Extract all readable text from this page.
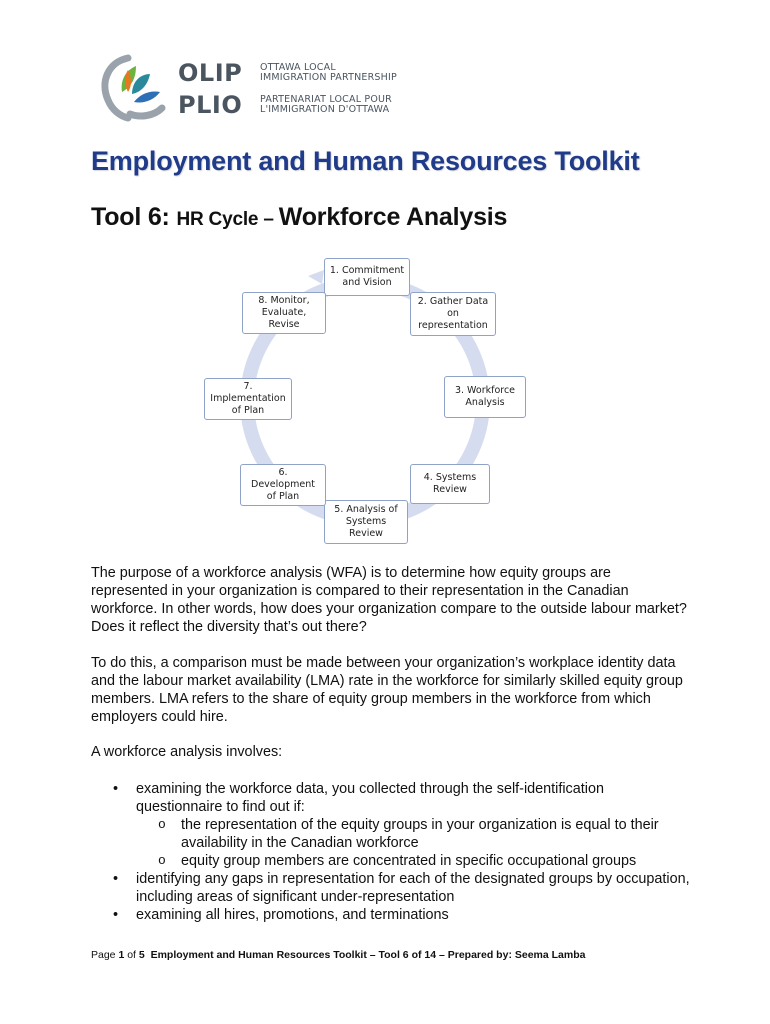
OLIP	OTTAWA LOCAL
IMMIGRATION PARTNERSHIP
PLIO	PARTENARIAT LOCAL POUR
L'IMMIGRATION D'OTTAWA
Employment and Human Resources Toolkit
Tool 6: HR Cycle – Workforce Analysis
1. Commitment
and Vision
2. Gather Data
on
representation
3. Workforce
Analysis
4. Systems
Review
5. Analysis of
Systems
Review
6.
Development
of Plan
7.
Implementation
of Plan
8. Monitor,
Evaluate,
Revise

The purpose of a workforce analysis (WFA) is to determine how equity groups are represented in your organization is compared to their representation in the Canadian workforce. In other words, how does your organization compare to the outside labour market? Does it reflect the diversity that’s out there?

To do this, a comparison must be made between your organization’s workplace identity data and the labour market availability (LMA) rate in the workforce for similarly skilled equity group members. LMA refers to the share of equity group members in the workforce from which employers could hire.

A workforce analysis involves:

• examining the workforce data, you collected through the self-identification questionnaire to find out if:
o the representation of the equity groups in your organization is equal to their availability in the Canadian workforce
o equity group members are concentrated in specific occupational groups
• identifying any gaps in representation for each of the designated groups by occupation, including areas of significant under-representation
• examining all hires, promotions, and terminations
Page 1 of 5 Employment and Human Resources Toolkit – Tool 6 of 14 – Prepared by: Seema Lamba
